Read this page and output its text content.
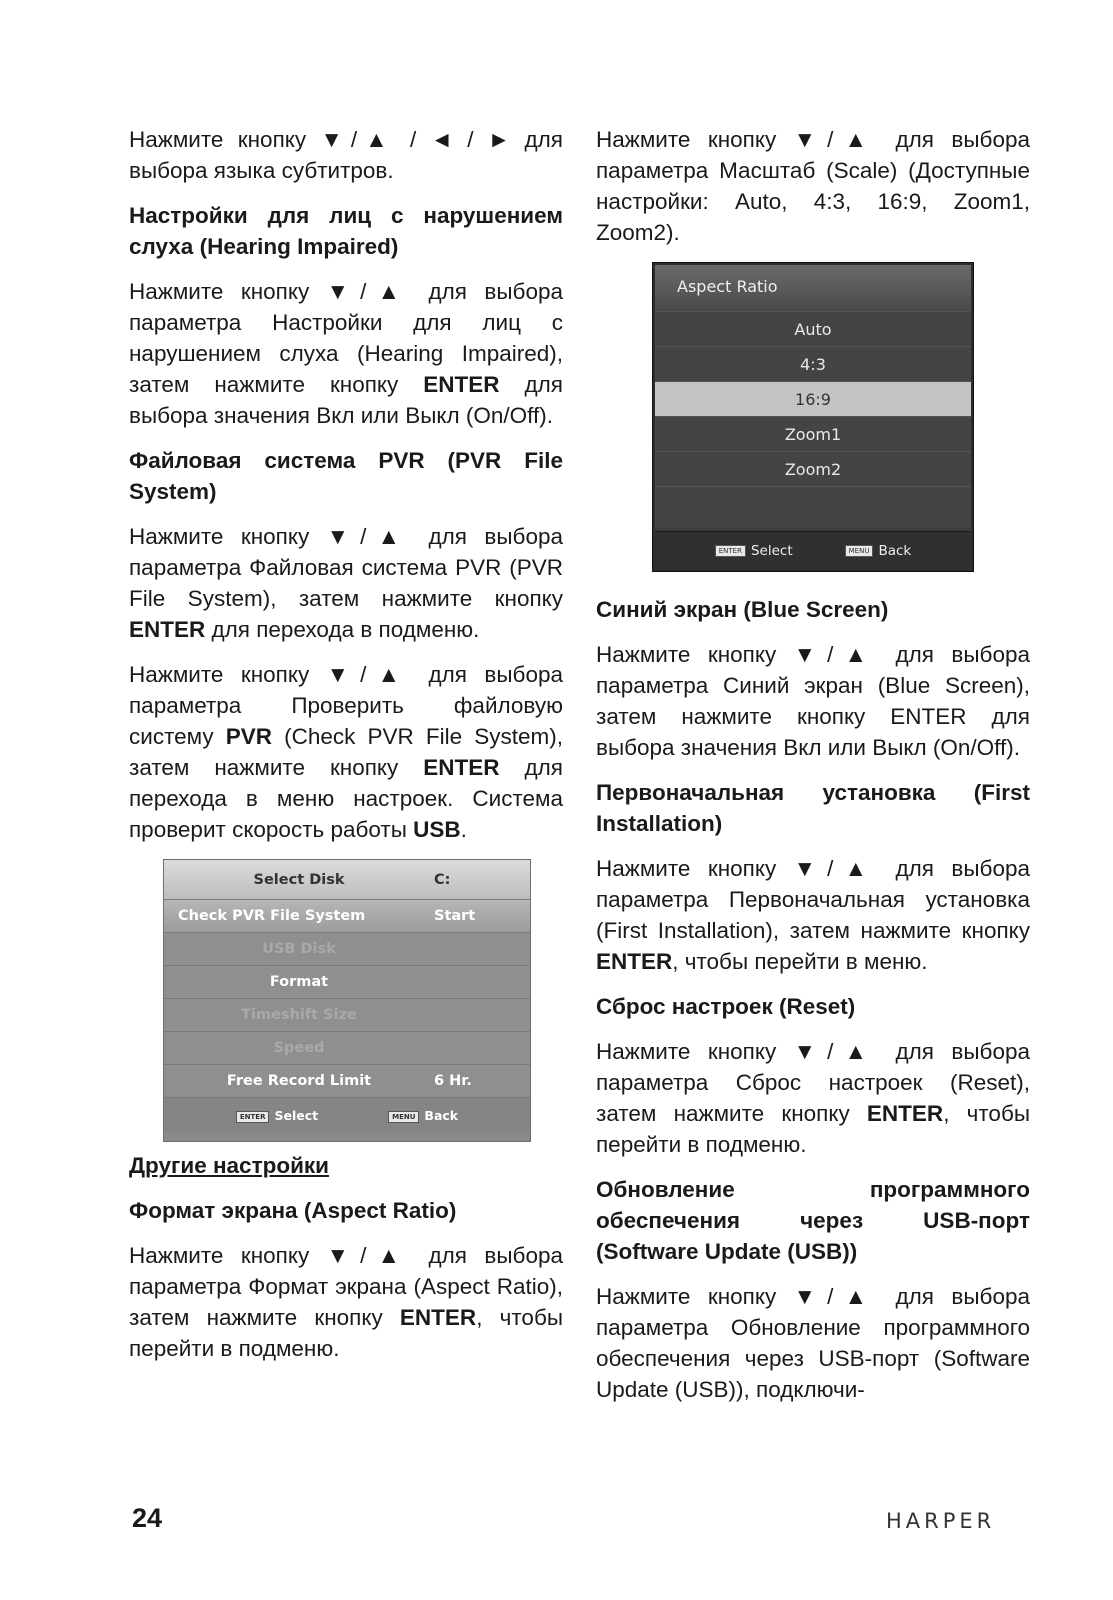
Нажмите кнопку ▼/▲ / ◄ / ► для выбора языка субтитров.

Настройки для лиц с нарушением слуха (Hearing Impaired)

Нажмите кнопку ▼/▲ для выбора параметра Настройки для лиц с нарушением слуха (Hearing Impaired), затем нажмите кнопку ENTER для выбора значения Вкл или Выкл (On/Off).

Файловая система PVR (PVR File System)

Нажмите кнопку ▼/▲ для выбора параметра Файловая система PVR (PVR File System), затем нажмите кнопку ENTER для перехода в подменю.

Нажмите кнопку ▼/▲ для выбора параметра Проверить файловую систему PVR (Check PVR File System), затем нажмите кнопку ENTER для перехода в меню настроек. Система проверит скорость работы USB.

Select Disk	C:
Check PVR File System	Start
USB Disk
Format
Timeshift Size
Speed
Free Record Limit	6 Hr.
ENTER Select	MENU Back
Другие настройки
Формат экрана (Aspect Ratio)

Нажмите кнопку ▼/▲ для выбора параметра Формат экрана (Aspect Ratio), затем нажмите кнопку ENTER, чтобы перейти в подменю.

Нажмите кнопку ▼/▲ для выбора параметра Масштаб (Scale) (Доступные настройки: Auto, 4:3, 16:9, Zoom1, Zoom2).

Aspect Ratio
Auto
4:3
16:9
Zoom1
Zoom2
ENTER Select	MENU Back
Синий экран (Blue Screen)

Нажмите кнопку ▼/▲ для выбора параметра Синий экран (Blue Screen), затем нажмите кнопку ENTER для выбора значения Вкл или Выкл (On/Off).

Первоначальная установка (First Installation)

Нажмите кнопку ▼/▲ для выбора параметра Первоначальная установка (First Installation), затем нажмите кнопку ENTER, чтобы перейти в меню.

Сброс настроек (Reset)

Нажмите кнопку ▼/▲ для выбора параметра Сброс настроек (Reset), затем нажмите кнопку ENTER, чтобы перейти в подменю.

Обновление программного обеспечения через USB-порт (Software Update (USB))

Нажмите кнопку ▼/▲ для выбора параметра Обновление программного обеспечения через USB-порт (Software Update (USB)), подключи-

24	HARPER
